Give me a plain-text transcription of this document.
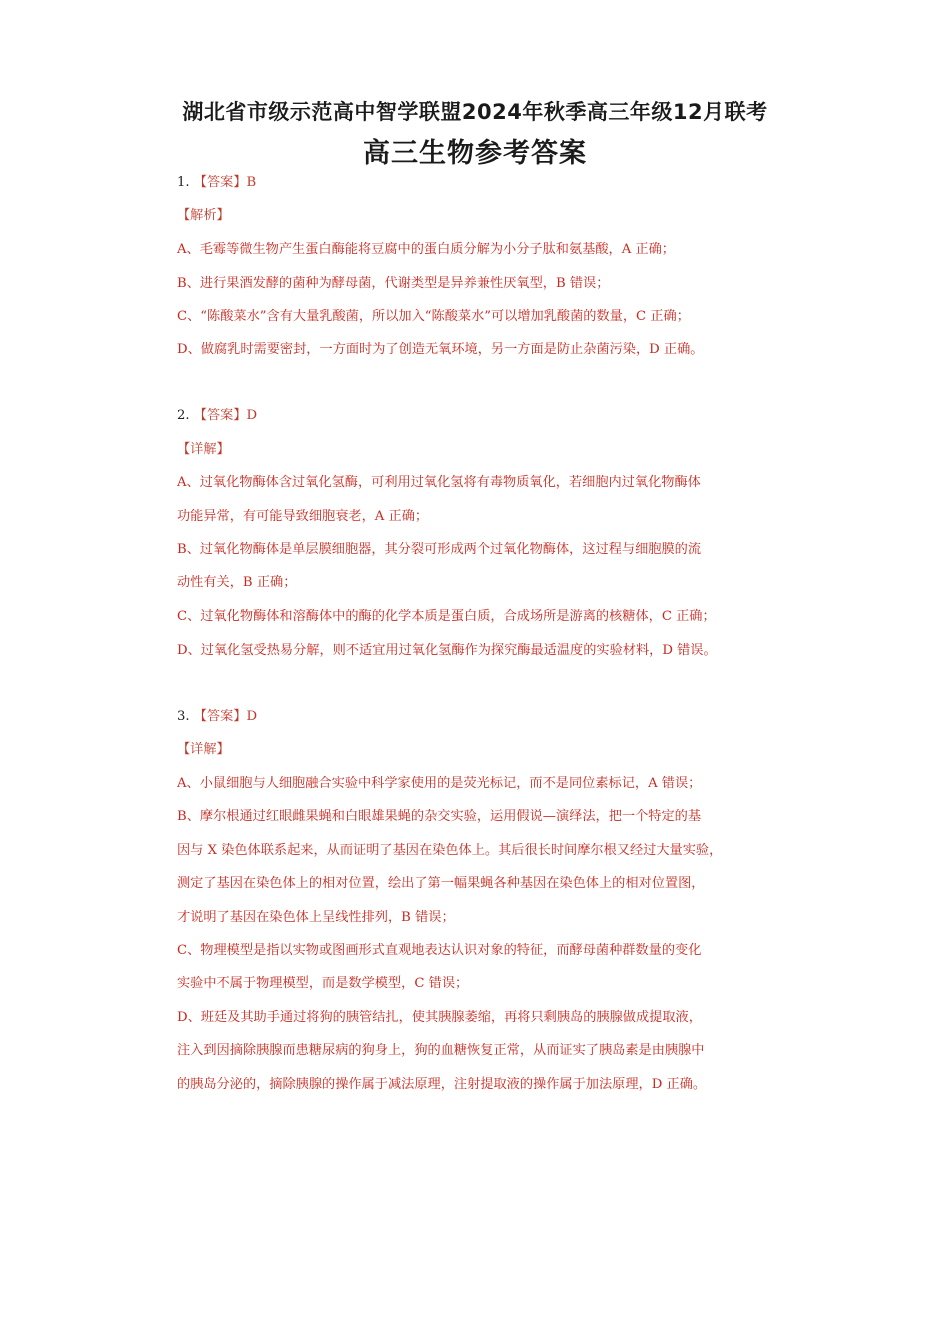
湖北省市级示范高中智学联盟2024年秋季高三年级12月联考
高三生物参考答案
1. 【答案】B
【解析】
A、毛霉等微生物产生蛋白酶能将豆腐中的蛋白质分解为小分子肽和氨基酸，A 正确；
B、进行果酒发酵的菌种为酵母菌，代谢类型是异养兼性厌氧型，B 错误；
C、“陈酸菜水”含有大量乳酸菌，所以加入“陈酸菜水”可以增加乳酸菌的数量，C 正确；
D、做腐乳时需要密封，一方面时为了创造无氧环境，另一方面是防止杂菌污染，D 正确。
2. 【答案】D
【详解】
A、过氧化物酶体含过氧化氢酶，可利用过氧化氢将有毒物质氧化，若细胞内过氧化物酶体
功能异常，有可能导致细胞衰老，A 正确；
B、过氧化物酶体是单层膜细胞器，其分裂可形成两个过氧化物酶体，这过程与细胞膜的流
动性有关，B 正确；
C、过氧化物酶体和溶酶体中的酶的化学本质是蛋白质，合成场所是游离的核糖体，C 正确；
D、过氧化氢受热易分解，则不适宜用过氧化氢酶作为探究酶最适温度的实验材料，D 错误。
3. 【答案】D
【详解】
A、小鼠细胞与人细胞融合实验中科学家使用的是荧光标记，而不是同位素标记，A 错误；
B、摩尔根通过红眼雌果蝇和白眼雄果蝇的杂交实验，运用假说—演绎法，把一个特定的基
因与 X 染色体联系起来，从而证明了基因在染色体上。其后很长时间摩尔根又经过大量实验，
测定了基因在染色体上的相对位置，绘出了第一幅果蝇各种基因在染色体上的相对位置图，
才说明了基因在染色体上呈线性排列，B 错误；
C、物理模型是指以实物或图画形式直观地表达认识对象的特征，而酵母菌种群数量的变化
实验中不属于物理模型，而是数学模型，C 错误；
D、班廷及其助手通过将狗的胰管结扎，使其胰腺萎缩，再将只剩胰岛的胰腺做成提取液，
注入到因摘除胰腺而患糖尿病的狗身上，狗的血糖恢复正常，从而证实了胰岛素是由胰腺中
的胰岛分泌的，摘除胰腺的操作属于减法原理，注射提取液的操作属于加法原理，D 正确。
